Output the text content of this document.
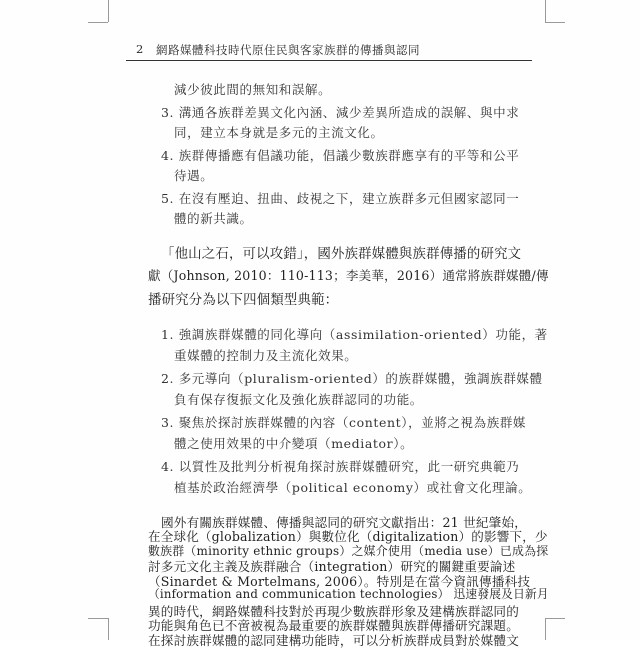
2 網路媒體科技時代原住民與客家族群的傳播與認同
減少彼此間的無知和誤解。
3. 溝通各族群差異文化內涵、減少差異所造成的誤解、與中求
同，建立本身就是多元的主流文化。
4. 族群傳播應有倡議功能，倡議少數族群應享有的平等和公平
待遇。
5. 在沒有壓迫、扭曲、歧視之下，建立族群多元但國家認同一
體的新共識。
「他山之石，可以攻錯」，國外族群媒體與族群傳播的研究文
獻（Johnson, 2010：110-113；李美華，2016）通常將族群媒體/傳
播研究分為以下四個類型典範：
1. 強調族群媒體的同化導向（assimilation-oriented）功能，著
重媒體的控制力及主流化效果。
2. 多元導向（pluralism-oriented）的族群媒體，強調族群媒體
負有保存復振文化及強化族群認同的功能。
3. 聚焦於探討族群媒體的內容（content），並將之視為族群媒
體之使用效果的中介變項（mediator）。
4. 以質性及批判分析視角探討族群媒體研究，此一研究典範乃
植基於政治經濟學（political economy）或社會文化理論。
國外有關族群媒體、傳播與認同的研究文獻指出：21 世紀肇始，
在全球化（globalization）與數位化（digitalization）的影響下，少
數族群（minority ethnic groups）之媒介使用（media use）已成為探
討多元文化主義及族群融合（integration）研究的關鍵重要論述
（Sinardet & Mortelmans, 2006）。特別是在當今資訊傳播科技
（information and communication technologies） 迅速發展及日新月
異的時代，網路媒體科技對於再現少數族群形象及建構族群認同的
功能與角色已不啻被視為最重要的族群媒體與族群傳播研究課題。
在探討族群媒體的認同建構功能時，可以分析族群成員對於媒體文
